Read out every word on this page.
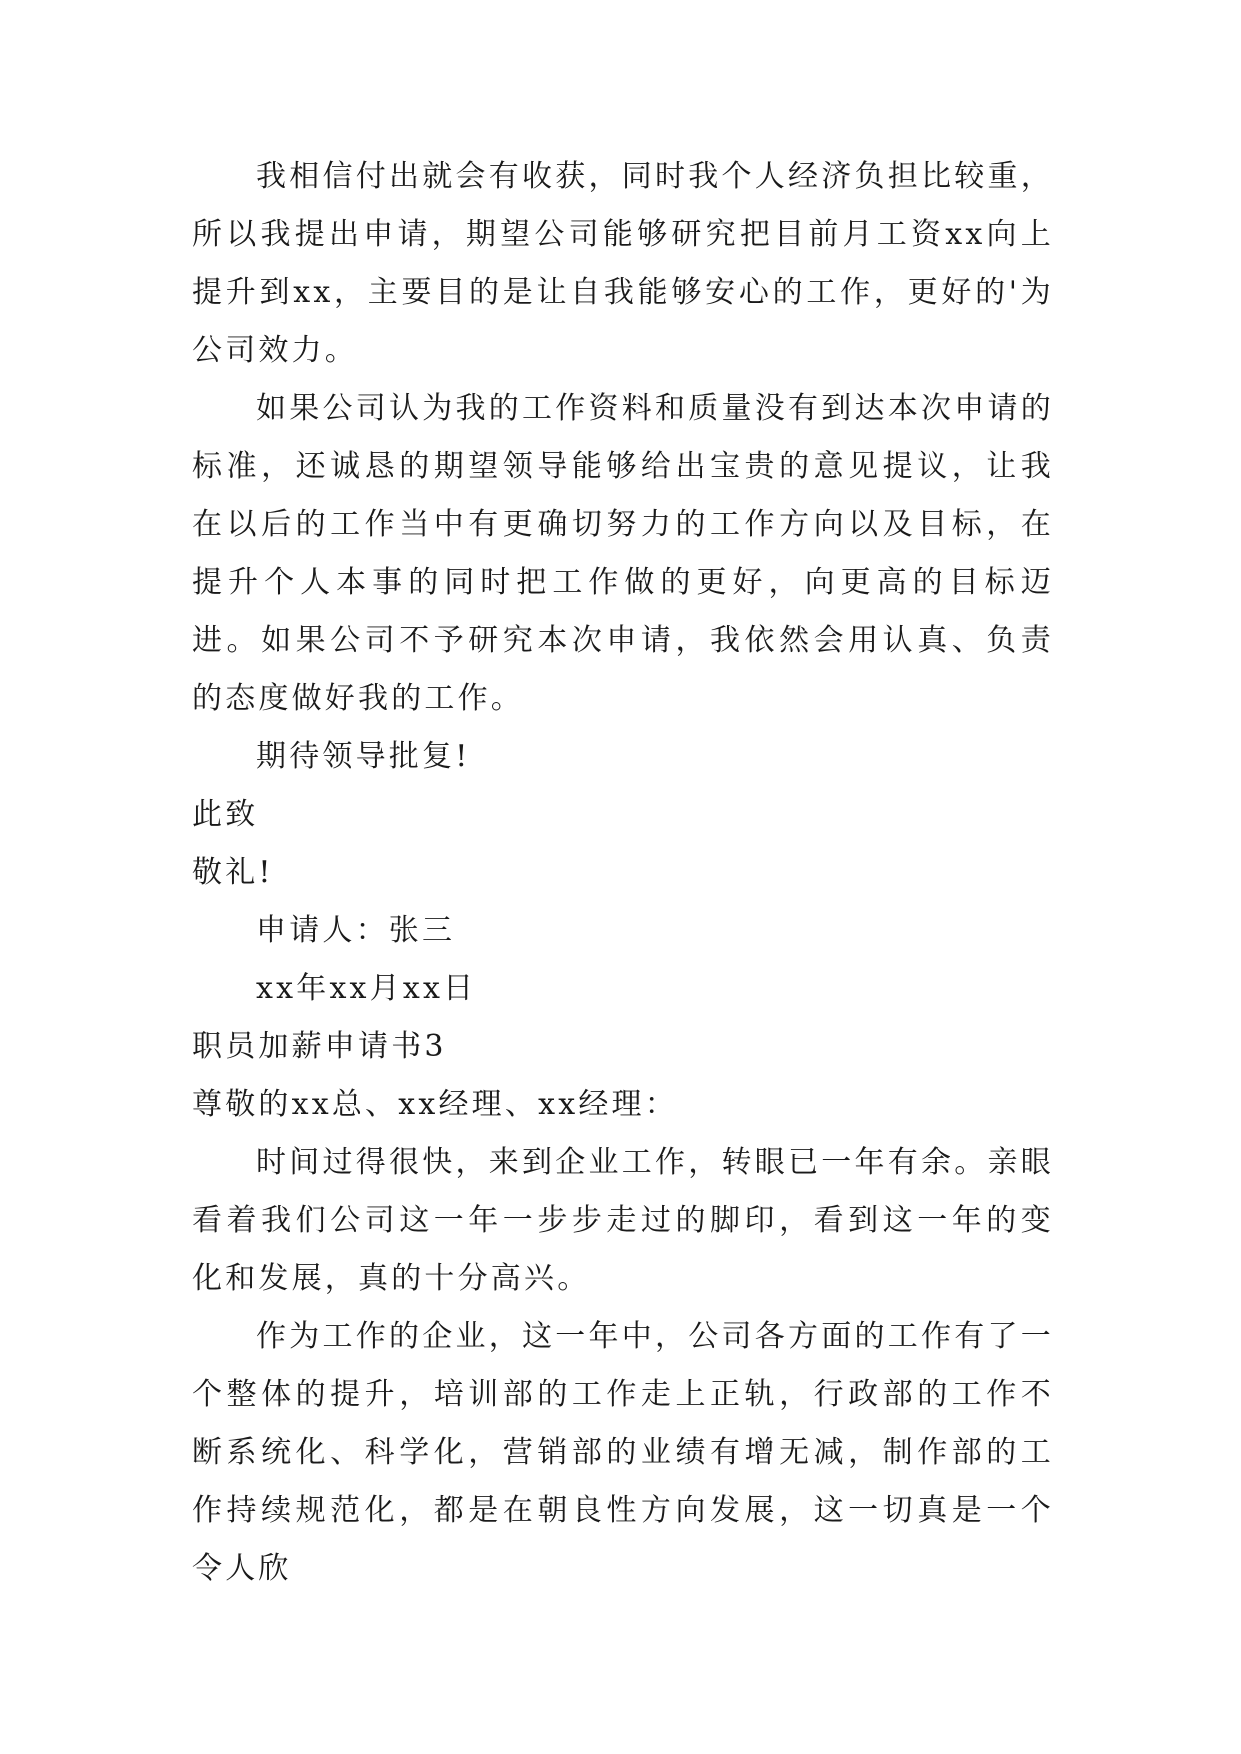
我相信付出就会有收获，同时我个人经济负担比较重，所以我提出申请，期望公司能够研究把目前月工资xx向上提升到xx，主要目的是让自我能够安心的工作，更好的'为公司效力。

如果公司认为我的工作资料和质量没有到达本次申请的标准，还诚恳的期望领导能够给出宝贵的意见提议，让我在以后的工作当中有更确切努力的工作方向以及目标，在提升个人本事的同时把工作做的更好，向更高的目标迈进。如果公司不予研究本次申请，我依然会用认真、负责的态度做好我的工作。

期待领导批复!

此致

敬礼!

申请人：张三

xx年xx月xx日

职员加薪申请书3

尊敬的xx总、xx经理、xx经理：

时间过得很快，来到企业工作，转眼已一年有余。亲眼看着我们公司这一年一步步走过的脚印，看到这一年的变化和发展，真的十分高兴。

作为工作的企业，这一年中，公司各方面的工作有了一个整体的提升，培训部的工作走上正轨，行政部的工作不断系统化、科学化，营销部的业绩有增无减，制作部的工作持续规范化，都是在朝良性方向发展，这一切真是一个令人欣
